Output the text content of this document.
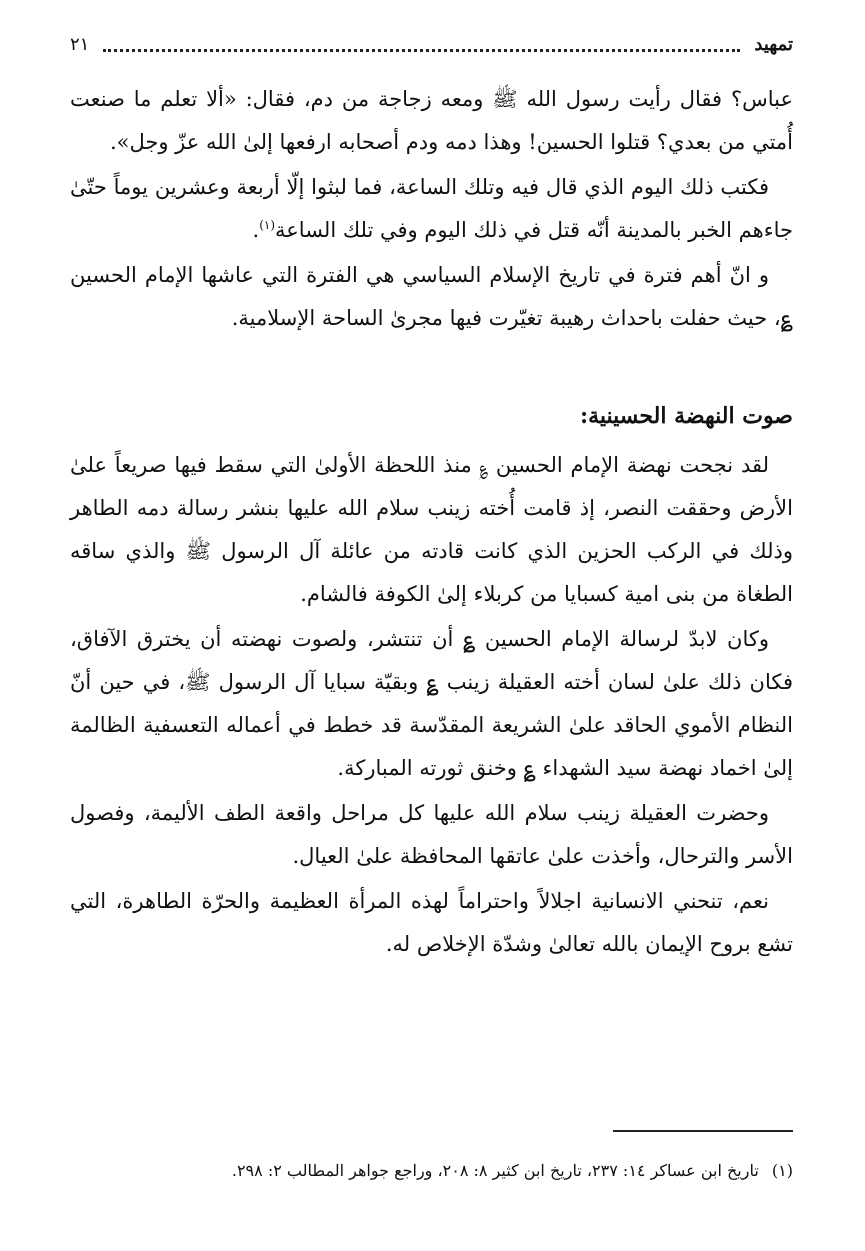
تمهيد
٢١

عباس؟ فقال رأيت رسول الله ﷺ ومعه زجاجة من دم، فقال: «ألا تعلم ما صنعت أُمتي من بعدي؟ قتلوا الحسين! وهذا دمه ودم أصحابه ارفعها إلىٰ الله عزّ وجل».

فكتب ذلك اليوم الذي قال فيه وتلك الساعة، فما لبثوا إلّا أربعة وعشرين يوماً حتّىٰ جاءهم الخبر بالمدينة أنّه قتل في ذلك اليوم وفي تلك الساعة$^{(١)}$.

و انّ أهم فترة في تاريخ الإسلام السياسي هي الفترة التي عاشها الإمام الحسين ؏، حيث حفلت باحداث رهيبة تغيّرت فيها مجرىٰ الساحة الإسلامية.

صوت النهضة الحسينية:

لقد نجحت نهضة الإمام الحسين ؏ منذ اللحظة الأولىٰ التي سقط فيها صريعاً علىٰ الأرض وحققت النصر، إذ قامت أُخته زينب سلام الله عليها بنشر رسالة دمه الطاهر وذلك في الركب الحزين الذي كانت قادته من عائلة آل الرسول ﷺ والذي ساقه الطغاة من بنى امية كسبايا من كربلاء إلىٰ الكوفة فالشام.

وكان لابدّ لرسالة الإمام الحسين ؏ أن تنتشر، ولصوت نهضته أن يخترق الآفاق، فكان ذلك علىٰ لسان أخته العقيلة زينب ؏ وبقيّة سبايا آل الرسول ﷺ، في حين أنّ النظام الأموي الحاقد علىٰ الشريعة المقدّسة قد خطط في أعماله التعسفية الظالمة إلىٰ اخماد نهضة سيد الشهداء ؏ وخنق ثورته المباركة.

وحضرت العقيلة زينب سلام الله عليها كل مراحل واقعة الطف الأليمة، وفصول الأسر والترحال، وأخذت علىٰ عاتقها المحافظة علىٰ العيال.

نعم، تنحني الانسانية اجلالاً واحتراماً لهذه المرأة العظيمة والحرّة الطاهرة، التي تشع بروح الإيمان بالله تعالىٰ وشدّة الإخلاص له.

(١) تاريخ ابن عساكر ١٤: ٢٣٧، تاريخ ابن كثير ٨: ٢٠٨، وراجع جواهر المطالب ٢: ٢٩٨.
